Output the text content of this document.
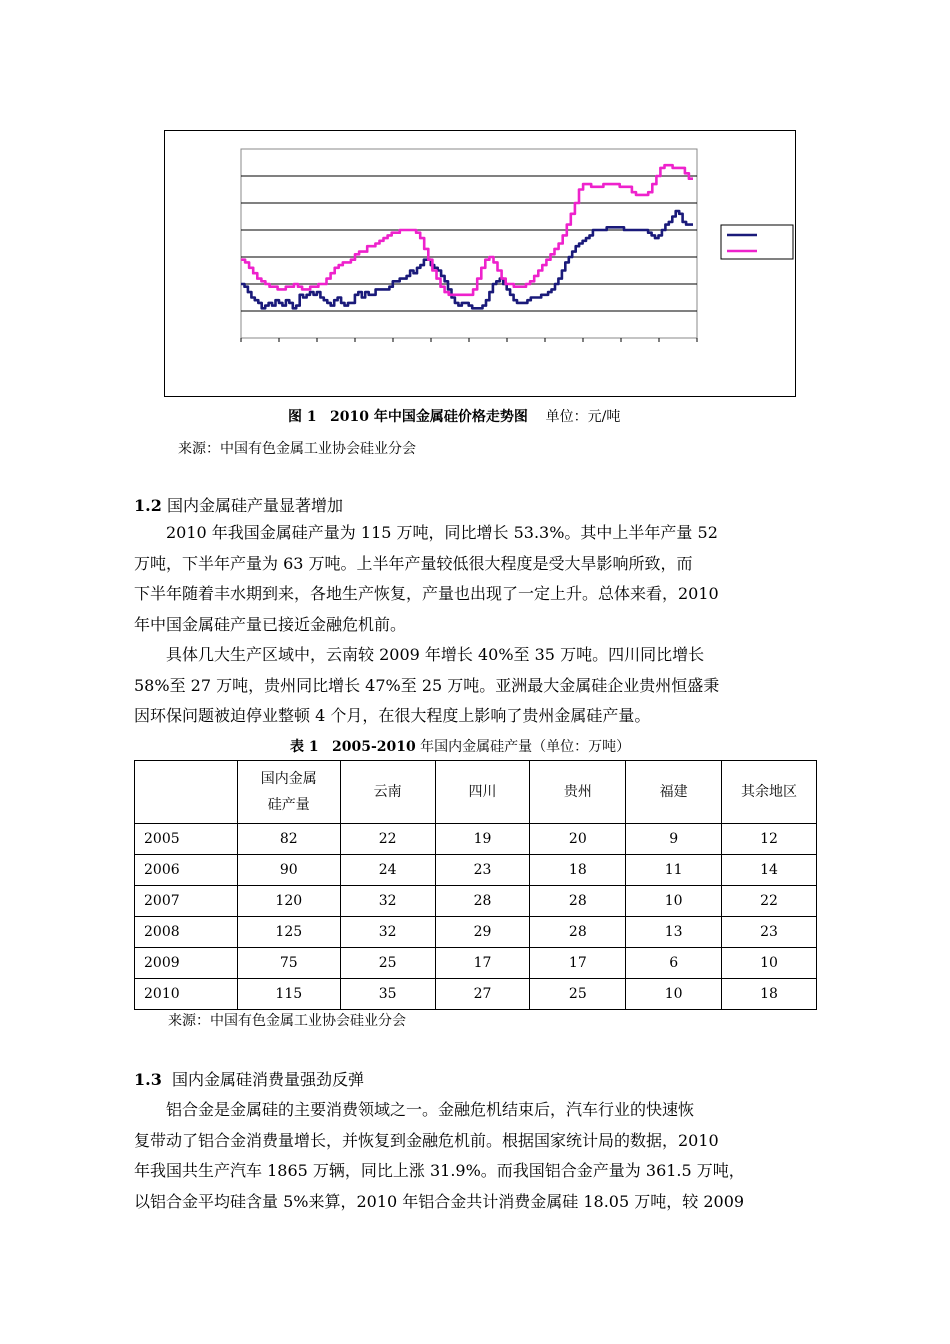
图 1 2010 年中国金属硅价格走势图 单位：元/吨
来源：中国有色金属工业协会硅业分会
1.2 国内金属硅产量显著增加
　　2010 年我国金属硅产量为 115 万吨，同比增长 53.3%。其中上半年产量 52
万吨，下半年产量为 63 万吨。上半年产量较低很大程度是受大旱影响所致，而
下半年随着丰水期到来，各地生产恢复，产量也出现了一定上升。总体来看，2010
年中国金属硅产量已接近金融危机前。
　　具体几大生产区域中，云南较 2009 年增长 40%至 35 万吨。四川同比增长
58%至 27 万吨，贵州同比增长 47%至 25 万吨。亚洲最大金属硅企业贵州恒盛秉
因环保问题被迫停业整顿 4 个月，在很大程度上影响了贵州金属硅产量。
表 1 2005-2010 年国内金属硅产量（单位：万吨）
	国内金属
硅产量	云南	四川	贵州	福建	其余地区
2005	82	22	19	20	9	12
2006	90	24	23	18	11	14
2007	120	32	28	28	10	22
2008	125	32	29	28	13	23
2009	75	25	17	17	6	10
2010	115	35	27	25	10	18
来源：中国有色金属工业协会硅业分会
1.3 国内金属硅消费量强劲反弹
　　铝合金是金属硅的主要消费领域之一。金融危机结束后，汽车行业的快速恢
复带动了铝合金消费量增长，并恢复到金融危机前。根据国家统计局的数据，2010
年我国共生产汽车 1865 万辆，同比上涨 31.9%。而我国铝合金产量为 361.5 万吨，
以铝合金平均硅含量 5%来算，2010 年铝合金共计消费金属硅 18.05 万吨，较 2009
